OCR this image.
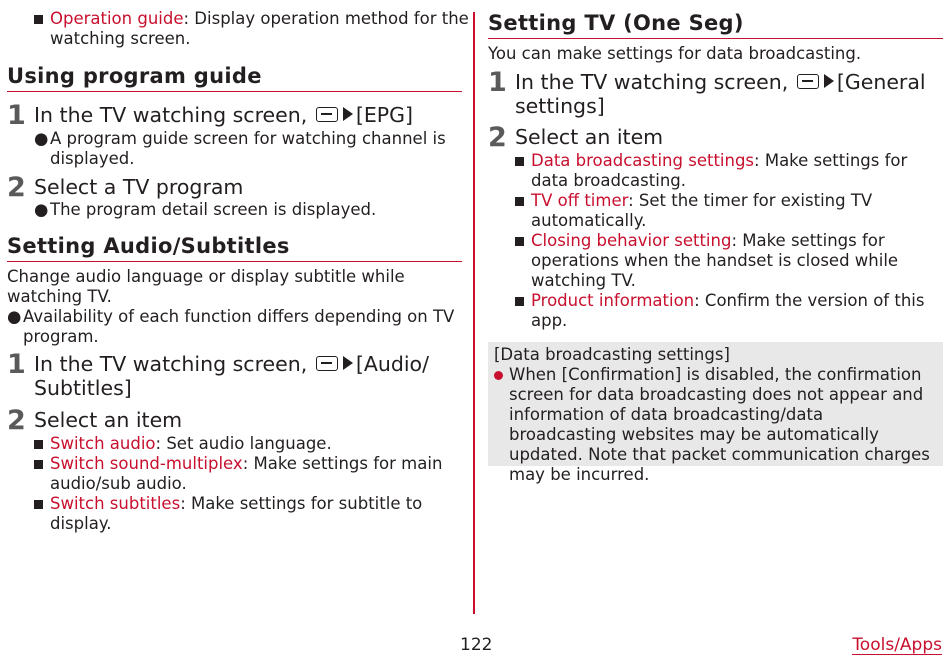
Operation guide: Display operation method for the watching screen.
Using program guide
1 In the TV watching screen, [EPG]
● A program guide screen for watching channel is displayed.
2 Select a TV program
● The program detail screen is displayed.
Setting Audio/Subtitles
Change audio language or display subtitle while watching TV.
● Availability of each function differs depending on TV program.
1 In the TV watching screen, [Audio/
Subtitles]
2 Select an item
Switch audio: Set audio language.
Switch sound-multiplex: Make settings for main audio/sub audio.
Switch subtitles: Make settings for subtitle to display.
Setting TV (One Seg)
You can make settings for data broadcasting.
1 In the TV watching screen, [General
settings]
2 Select an item
Data broadcasting settings: Make settings for data broadcasting.
TV off timer: Set the timer for existing TV automatically.
Closing behavior setting: Make settings for operations when the handset is closed while watching TV.
Product information: Confirm the version of this app.
[Data broadcasting settings]
When [Confirmation] is disabled, the confirmation screen for data broadcasting does not appear and information of data broadcasting/data broadcasting websites may be automatically updated. Note that packet communication charges may be incurred.
122	Tools/Apps
